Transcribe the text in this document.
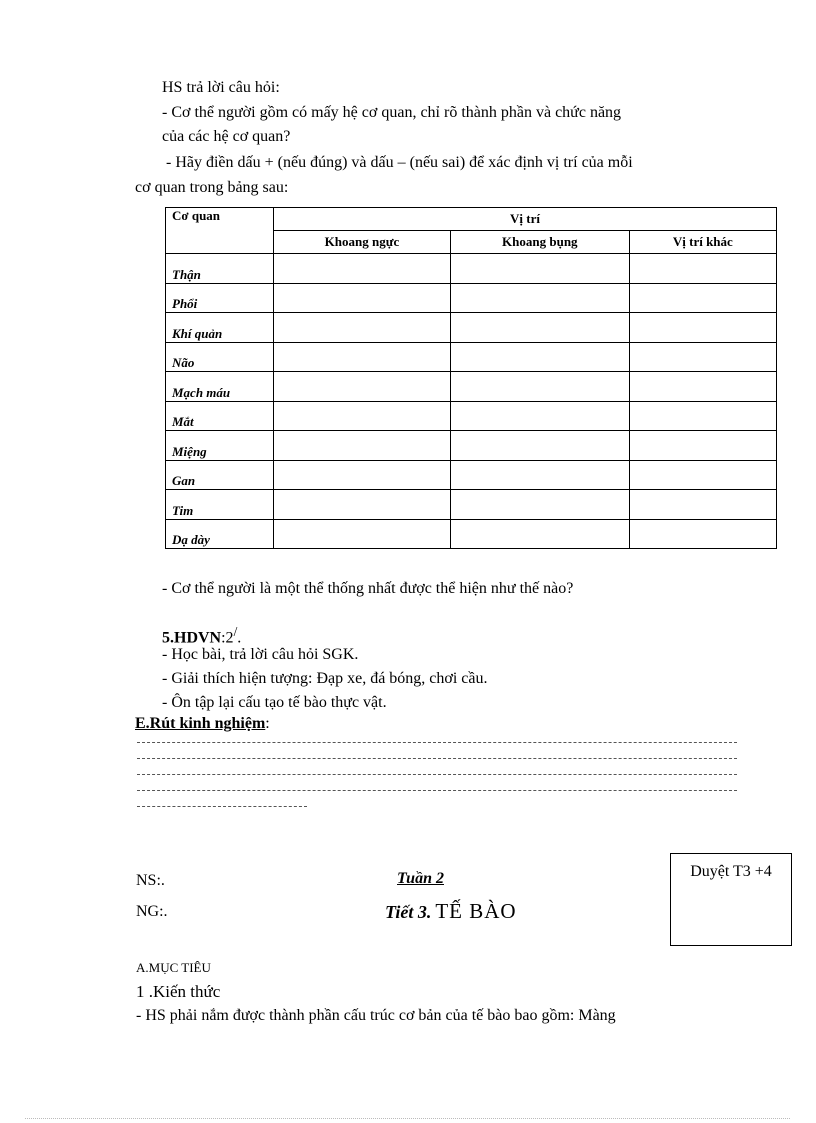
HS trả lời câu hỏi:
- Cơ thể người gồm có mấy hệ cơ quan, chỉ rõ thành phần và chức năng
của các hệ cơ quan?
- Hãy điền dấu + (nếu đúng) và dấu – (nếu sai) để xác định vị trí của mỗi
cơ quan trong bảng sau:
Cơ quan	Vị trí		
	Khoang ngực	Khoang bụng	Vị trí khác
Thận			
Phổi			
Khí quản			
Não			
Mạch máu			
Mắt			
Miệng			
Gan			
Tim			
Dạ dày			
- Cơ thể người là một thể thống nhất được thể hiện như thế nào?
5.HDVN:2/.
- Học bài, trả lời câu hỏi SGK.
- Giải thích hiện tượng: Đạp xe, đá bóng, chơi cầu.
- Ôn tập lại cấu tạo tế bào thực vật.
E.Rút kinh nghiệm:
NS:.
NG:.
Tuần 2
Tiết 3. TẾ BÀO
Duyệt T3 +4
A.MỤC TIÊU
1 .Kiến thức
- HS phải nắm được thành phần cấu trúc cơ bản của tế bào bao gồm: Màng
